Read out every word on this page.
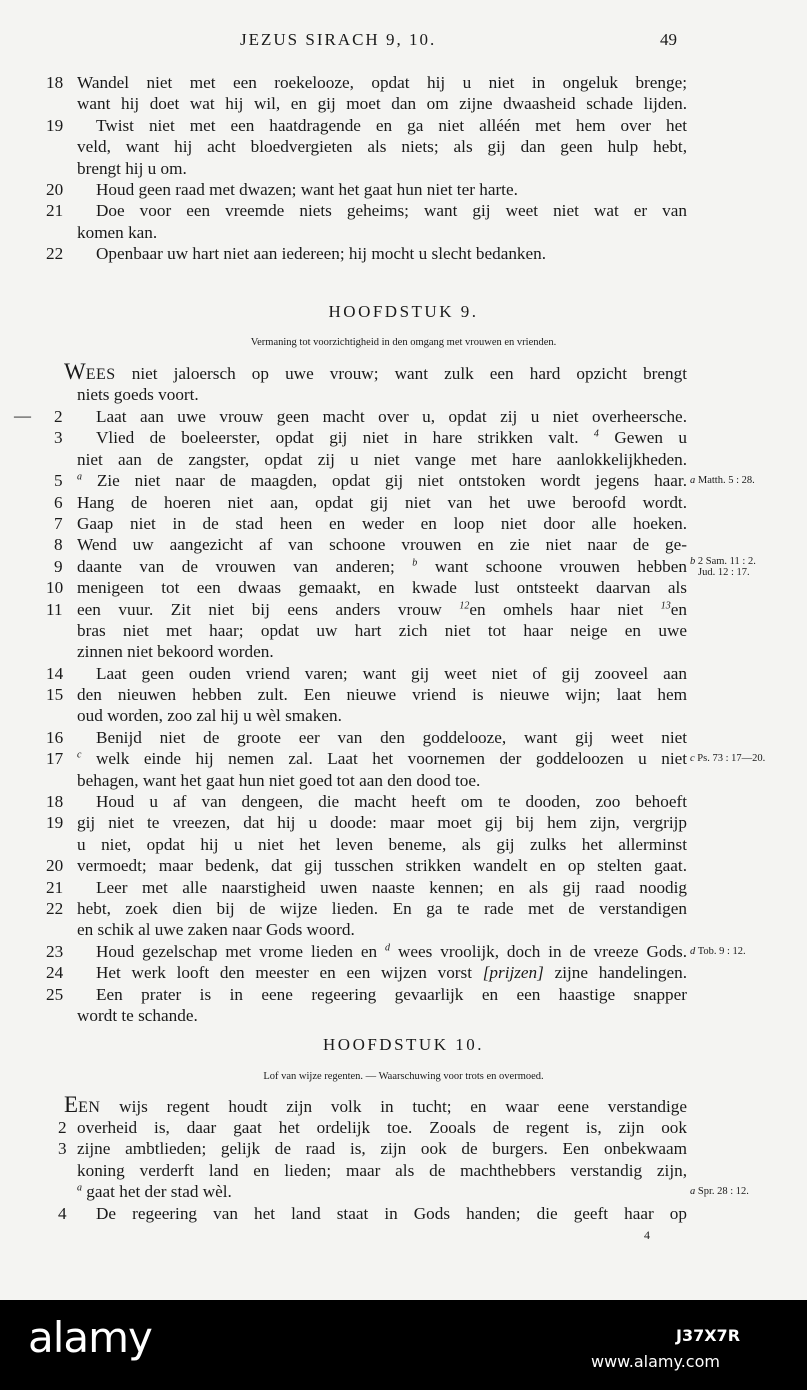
JEZUS SIRACH 9, 10.	49
18 Wandel niet met een roekelooze, opdat hij u niet in ongeluk brenge;
want hij doet wat hij wil, en gij moet dan om zijne dwaasheid schade lijden.
19	Twist niet met een haatdragende en ga niet alléén met hem over het
veld, want hij acht bloedvergieten als niets; als gij dan geen hulp hebt,
brengt hij u om.
20	Houd geen raad met dwazen; want het gaat hun niet ter harte.
21	Doe voor een vreemde niets geheims; want gij weet niet wat er van
komen kan.
22	Openbaar uw hart niet aan iedereen; hij mocht u slecht bedanken.
HOOFDSTUK 9.
Vermaning tot voorzichtigheid in den omgang met vrouwen en vrienden.
WEES niet jaloersch op uwe vrouw; want zulk een hard opzicht brengt
niets goeds voort.
— 2	Laat aan uwe vrouw geen macht over u, opdat zij u niet overheersche.
3	Vlied de boeleerster, opdat gij niet in hare strikken valt. $^4$ Gewen u
niet aan de zangster, opdat zij u niet vange met hare aanlokkelijkheden.
5	$^a$ Zie niet naar de maagden, opdat gij niet ontstoken wordt jegens haar. a Matth. 5 : 28.
6 Hang de hoeren niet aan, opdat gij niet van het uwe beroofd wordt.
7 Gaap niet in de stad heen en weder en loop niet door alle hoeken.
8 Wend uw aangezicht af van schoone vrouwen en zie niet naar de ge-
9 daante van de vrouwen van anderen; $^b$ want schoone vrouwen hebben b 2 Sam. 11 : 2.
Jud. 12 : 17.
10 menigeen tot een dwaas gemaakt, en kwade lust ontsteekt daarvan als
11 een vuur. Zit niet bij eens anders vrouw $^{12}$en omhels haar niet $^{13}$en
bras niet met haar; opdat uw hart zich niet tot haar neige en uwe
zinnen niet bekoord worden.
14	Laat geen ouden vriend varen; want gij weet niet of gij zooveel aan
15 den nieuwen hebben zult. Een nieuwe vriend is nieuwe wijn; laat hem
oud worden, zoo zal hij u wèl smaken.
16	Benijd niet de groote eer van den goddelooze, want gij weet niet
17	$^c$ welk einde hij nemen zal. Laat het voornemen der goddeloozen u niet c Ps. 73 : 17—20.
behagen, want het gaat hun niet goed tot aan den dood toe.
18	Houd u af van dengeen, die macht heeft om te dooden, zoo behoeft
19 gij niet te vreezen, dat hij u doode: maar moet gij bij hem zijn, vergrijp
u niet, opdat hij u niet het leven beneme, als gij zulks het allerminst
20 vermoedt; maar bedenk, dat gij tusschen strikken wandelt en op stelten gaat.
21	Leer met alle naarstigheid uwen naaste kennen; en als gij raad noodig
22 hebt, zoek dien bij de wijze lieden. En ga te rade met de verstandigen
en schik al uwe zaken naar Gods woord.
23	Houd gezelschap met vrome lieden en $^d$ wees vroolijk, doch in de vreeze Gods. d Tob. 9 : 12.
24	Het werk looft den meester en een wijzen vorst [prijzen] zijne handelingen.
25	Een prater is in eene regeering gevaarlijk en een haastige snapper
wordt te schande.
HOOFDSTUK 10.
Lof van wijze regenten. — Waarschuwing voor trots en overmoed.
EEN wijs regent houdt zijn volk in tucht; en waar eene verstandige
2 overheid is, daar gaat het ordelijk toe. Zooals de regent is, zijn ook
3 zijne ambtlieden; gelijk de raad is, zijn ook de burgers. Een onbekwaam
koning verderft land en lieden; maar als de machthebbers verstandig zijn,
$^a$ gaat het der stad wèl.	a Spr. 28 : 12.
4	De regeering van het land staat in Gods handen; die geeft haar op
4
alamy	J37X7R
www.alamy.com
